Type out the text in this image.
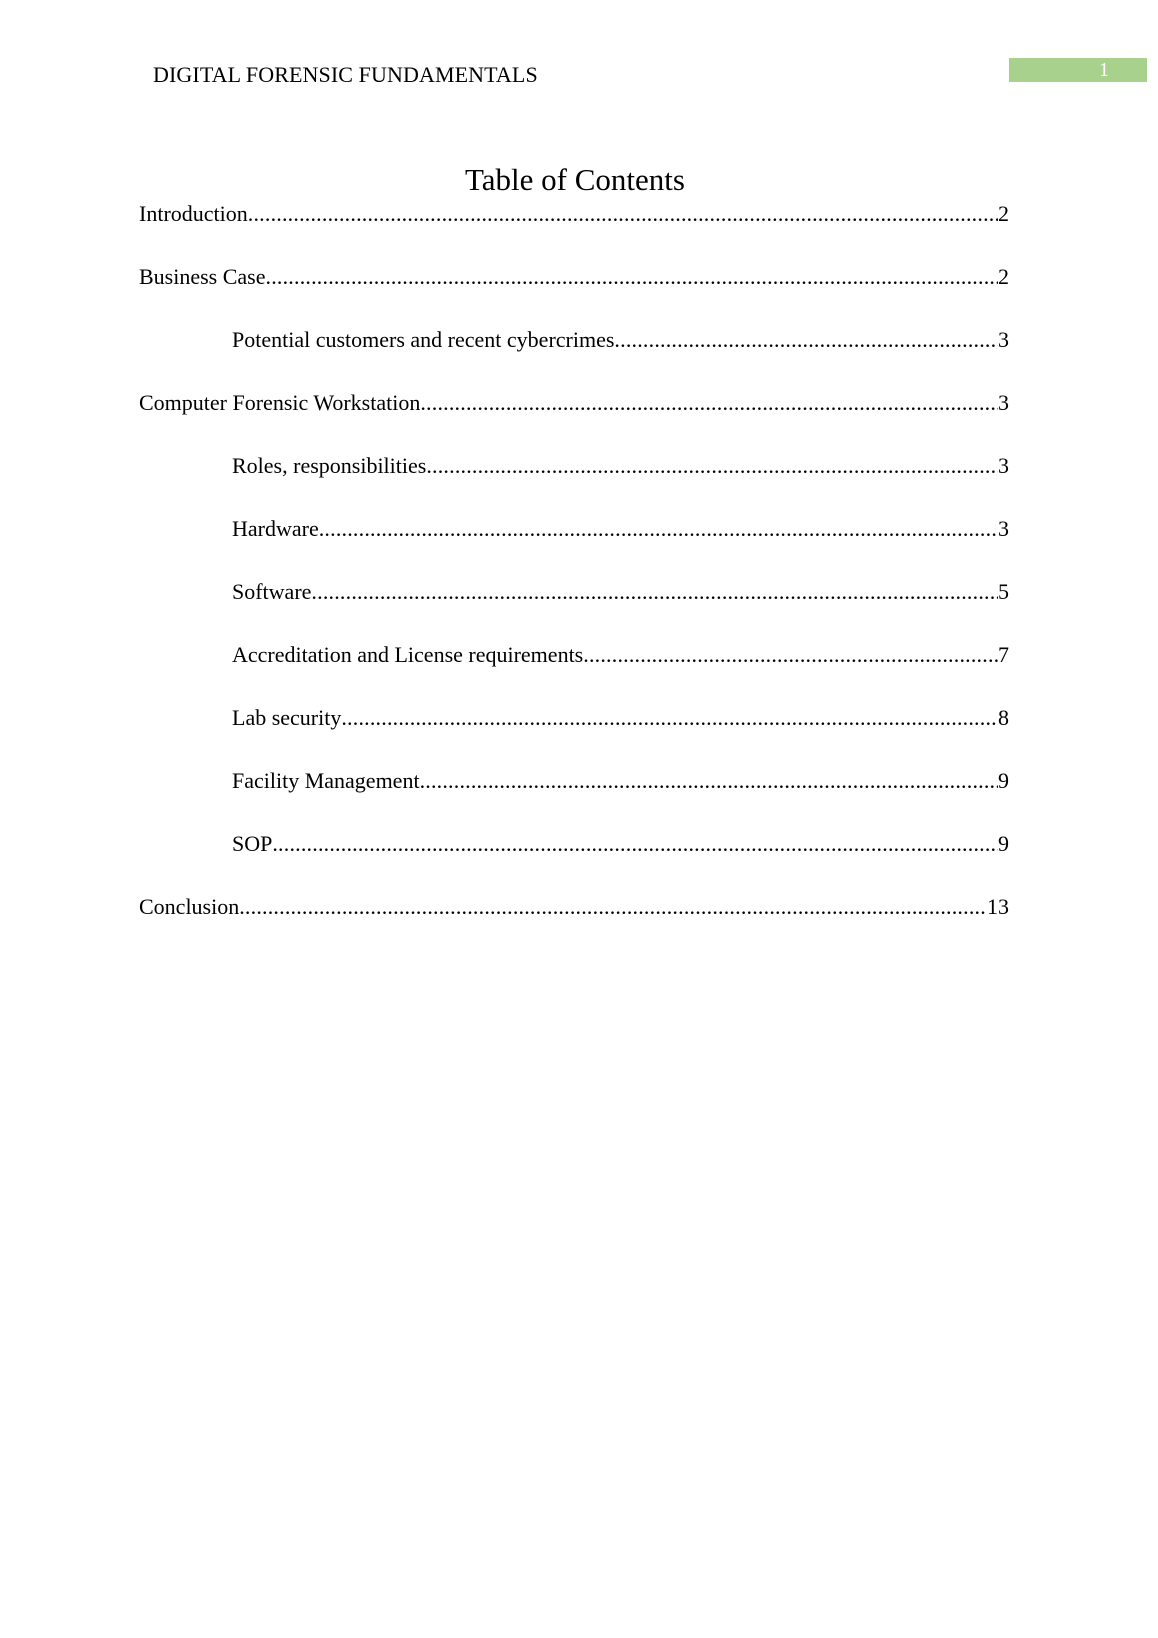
DIGITAL FORENSIC FUNDAMENTALS	1
Table of Contents
Introduction .....	2
Business Case .....	2
Potential customers and recent cybercrimes .....	3
Computer Forensic Workstation .....	3
Roles, responsibilities .....	3
Hardware .....	3
Software .....	5
Accreditation and License requirements .....	7
Lab security .....	8
Facility Management .....	9
SOP .....	9
Conclusion .....	13
